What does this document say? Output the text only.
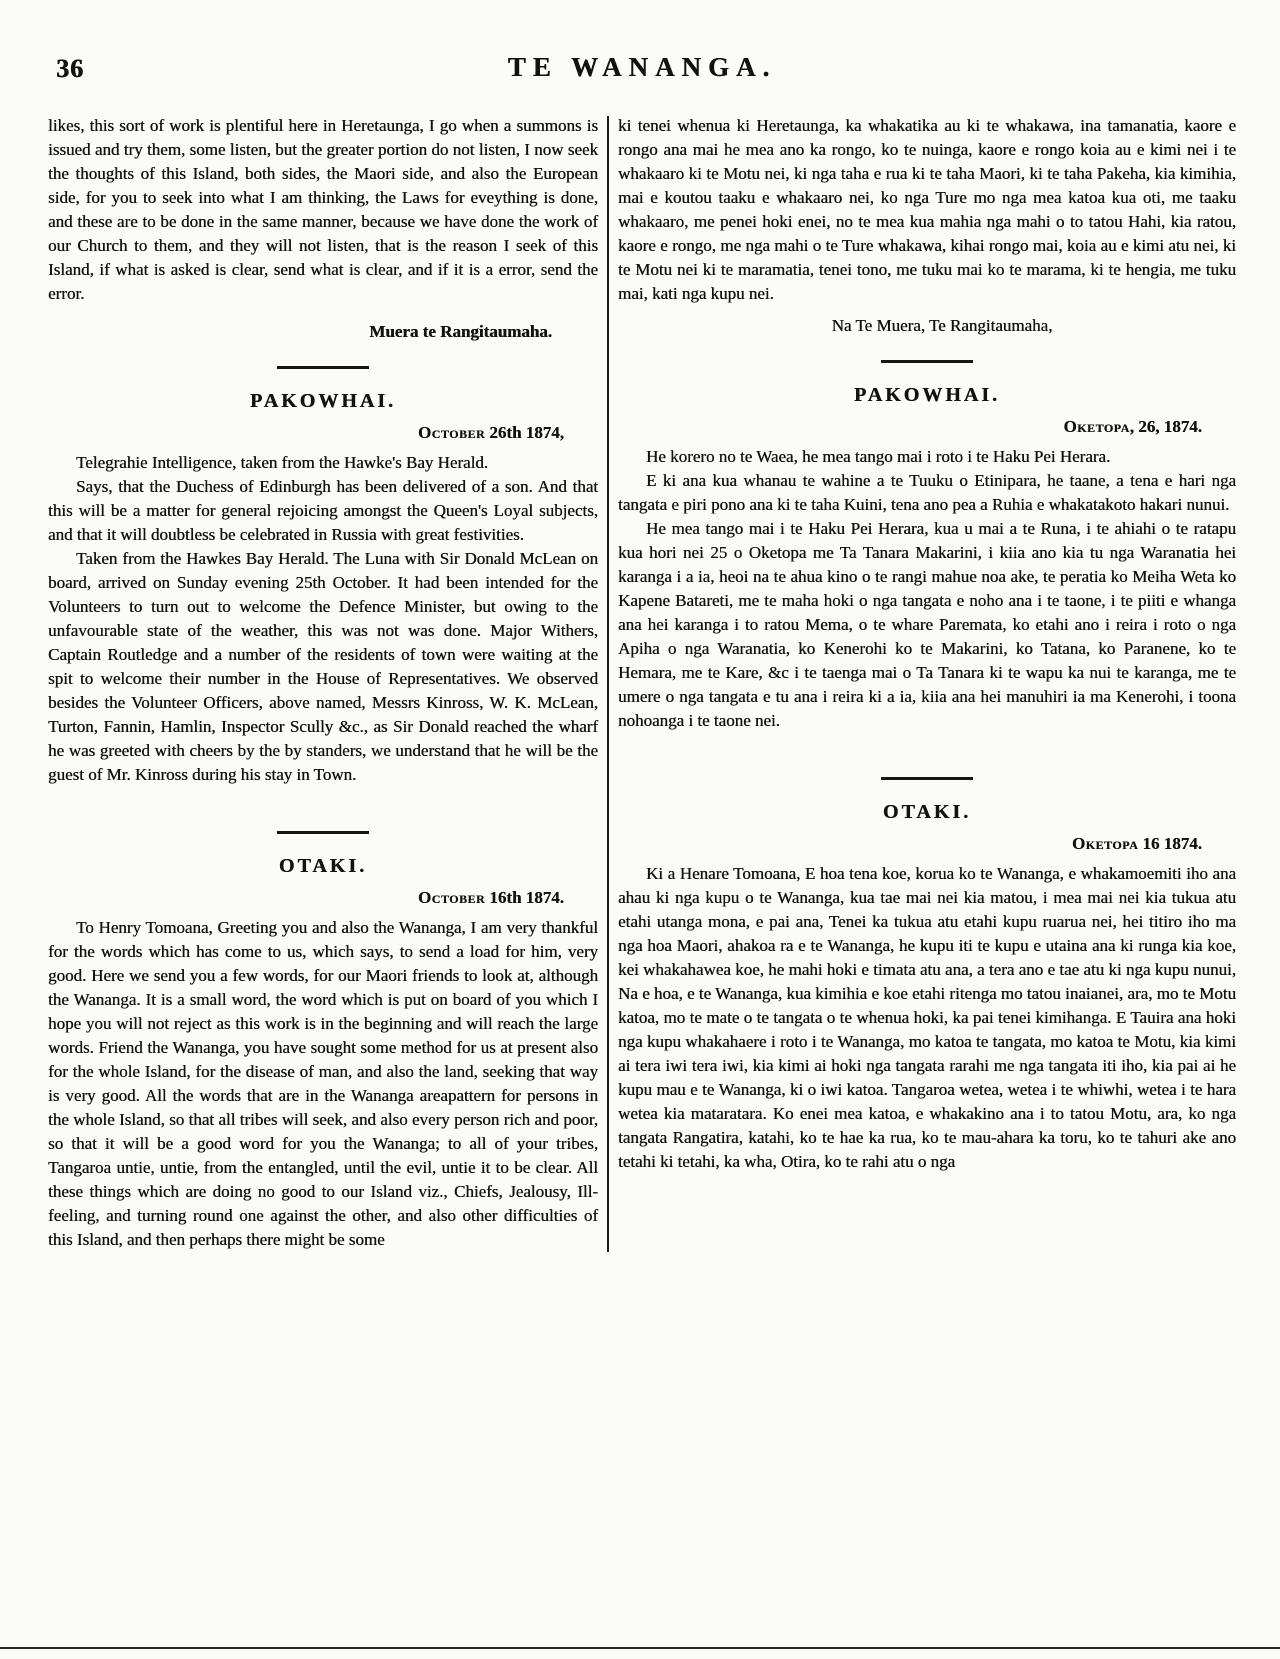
36	TE WANANGA.

likes, this sort of work is plentiful here in Heretaunga, I go when a summons is issued and try them, some listen, but the greater portion do not listen, I now seek the thoughts of this Island, both sides, the Maori side, and also the European side, for you to seek into what I am thinking, the Laws for eveything is done, and these are to be done in the same manner, because we have done the work of our Church to them, and they will not listen, that is the reason I seek of this Island, if what is asked is clear, send what is clear, and if it is a error, send the error.

Muera te Rangitaumaha.
PAKOWHAI.
October 26th 1874,

Telegrahie Intelligence, taken from the Hawke's Bay Herald.

Says, that the Duchess of Edinburgh has been delivered of a son. And that this will be a matter for general rejoicing amongst the Queen's Loyal subjects, and that it will doubtless be celebrated in Russia with great festivities.

Taken from the Hawkes Bay Herald. The Luna with Sir Donald McLean on board, arrived on Sunday evening 25th October. It had been intended for the Volunteers to turn out to welcome the Defence Minister, but owing to the unfavourable state of the weather, this was not was done. Major Withers, Captain Routledge and a number of the residents of town were waiting at the spit to welcome their number in the House of Representatives. We observed besides the Volunteer Officers, above named, Messrs Kinross, W. K. McLean, Turton, Fannin, Hamlin, Inspector Scully &c., as Sir Donald reached the wharf he was greeted with cheers by the by standers, we understand that he will be the guest of Mr. Kinross during his stay in Town.

OTAKI.
October 16th 1874.

To Henry Tomoana, Greeting you and also the Wananga, I am very thankful for the words which has come to us, which says, to send a load for him, very good. Here we send you a few words, for our Maori friends to look at, although the Wananga. It is a small word, the word which is put on board of you which I hope you will not reject as this work is in the beginning and will reach the large words. Friend the Wananga, you have sought some method for us at present also for the whole Island, for the disease of man, and also the land, seeking that way is very good. All the words that are in the Wananga areapattern for persons in the whole Island, so that all tribes will seek, and also every person rich and poor, so that it will be a good word for you the Wananga; to all of your tribes, Tangaroa untie, untie, from the entangled, until the evil, untie it to be clear. All these things which are doing no good to our Island viz., Chiefs, Jealousy, Ill-feeling, and turning round one against the other, and also other difficulties of this Island, and then perhaps there might be some

ki tenei whenua ki Heretaunga, ka whakatika au ki te whakawa, ina tamanatia, kaore e rongo ana mai he mea ano ka rongo, ko te nuinga, kaore e rongo koia au e kimi nei i te whakaaro ki te Motu nei, ki nga taha e rua ki te taha Maori, ki te taha Pakeha, kia kimihia, mai e koutou taaku e whakaaro nei, ko nga Ture mo nga mea katoa kua oti, me taaku whakaaro, me penei hoki enei, no te mea kua mahia nga mahi o to tatou Hahi, kia ratou, kaore e rongo, me nga mahi o te Ture whakawa, kihai rongo mai, koia au e kimi atu nei, ki te Motu nei ki te maramatia, tenei tono, me tuku mai ko te marama, ki te hengia, me tuku mai, kati nga kupu nei.

Na Te Muera, Te Rangitaumaha,
PAKOWHAI.
Oketopa, 26, 1874.

He korero no te Waea, he mea tango mai i roto i te Haku Pei Herara.

E ki ana kua whanau te wahine a te Tuuku o Etinipara, he taane, a tena e hari nga tangata e piri pono ana ki te taha Kuini, tena ano pea a Ruhia e whakatakoto hakari nunui.

He mea tango mai i te Haku Pei Herara, kua u mai a te Runa, i te ahiahi o te ratapu kua hori nei 25 o Oketopa me Ta Tanara Makarini, i kiia ano kia tu nga Waranatia hei karanga i a ia, heoi na te ahua kino o te rangi mahue noa ake, te peratia ko Meiha Weta ko Kapene Batareti, me te maha hoki o nga tangata e noho ana i te taone, i te piiti e whanga ana hei karanga i to ratou Mema, o te whare Paremata, ko etahi ano i reira i roto o nga Apiha o nga Waranatia, ko Kenerohi ko te Makarini, ko Tatana, ko Paranene, ko te Hemara, me te Kare, &c i te taenga mai o Ta Tanara ki te wapu ka nui te karanga, me te umere o nga tangata e tu ana i reira ki a ia, kiia ana hei manuhiri ia ma Kenerohi, i toona nohoanga i te taone nei.

OTAKI.
Oketopa 16 1874.

Ki a Henare Tomoana, E hoa tena koe, korua ko te Wananga, e whakamoemiti iho ana ahau ki nga kupu o te Wananga, kua tae mai nei kia matou, i mea mai nei kia tukua atu etahi utanga mona, e pai ana, Tenei ka tukua atu etahi kupu ruarua nei, hei titiro iho ma nga hoa Maori, ahakoa ra e te Wananga, he kupu iti te kupu e utaina ana ki runga kia koe, kei whakahawea koe, he mahi hoki e timata atu ana, a tera ano e tae atu ki nga kupu nunui, Na e hoa, e te Wananga, kua kimihia e koe etahi ritenga mo tatou inaianei, ara, mo te Motu katoa, mo te mate o te tangata o te whenua hoki, ka pai tenei kimihanga. E Tauira ana hoki nga kupu whakahaere i roto i te Wananga, mo katoa te tangata, mo katoa te Motu, kia kimi ai tera iwi tera iwi, kia kimi ai hoki nga tangata rarahi me nga tangata iti iho, kia pai ai he kupu mau e te Wananga, ki o iwi katoa. Tangaroa wetea, wetea i te whiwhi, wetea i te hara wetea kia mataratara. Ko enei mea katoa, e whakakino ana i to tatou Motu, ara, ko nga tangata Rangatira, katahi, ko te hae ka rua, ko te mau-ahara ka toru, ko te tahuri ake ano tetahi ki tetahi, ka wha, Otira, ko te rahi atu o nga
